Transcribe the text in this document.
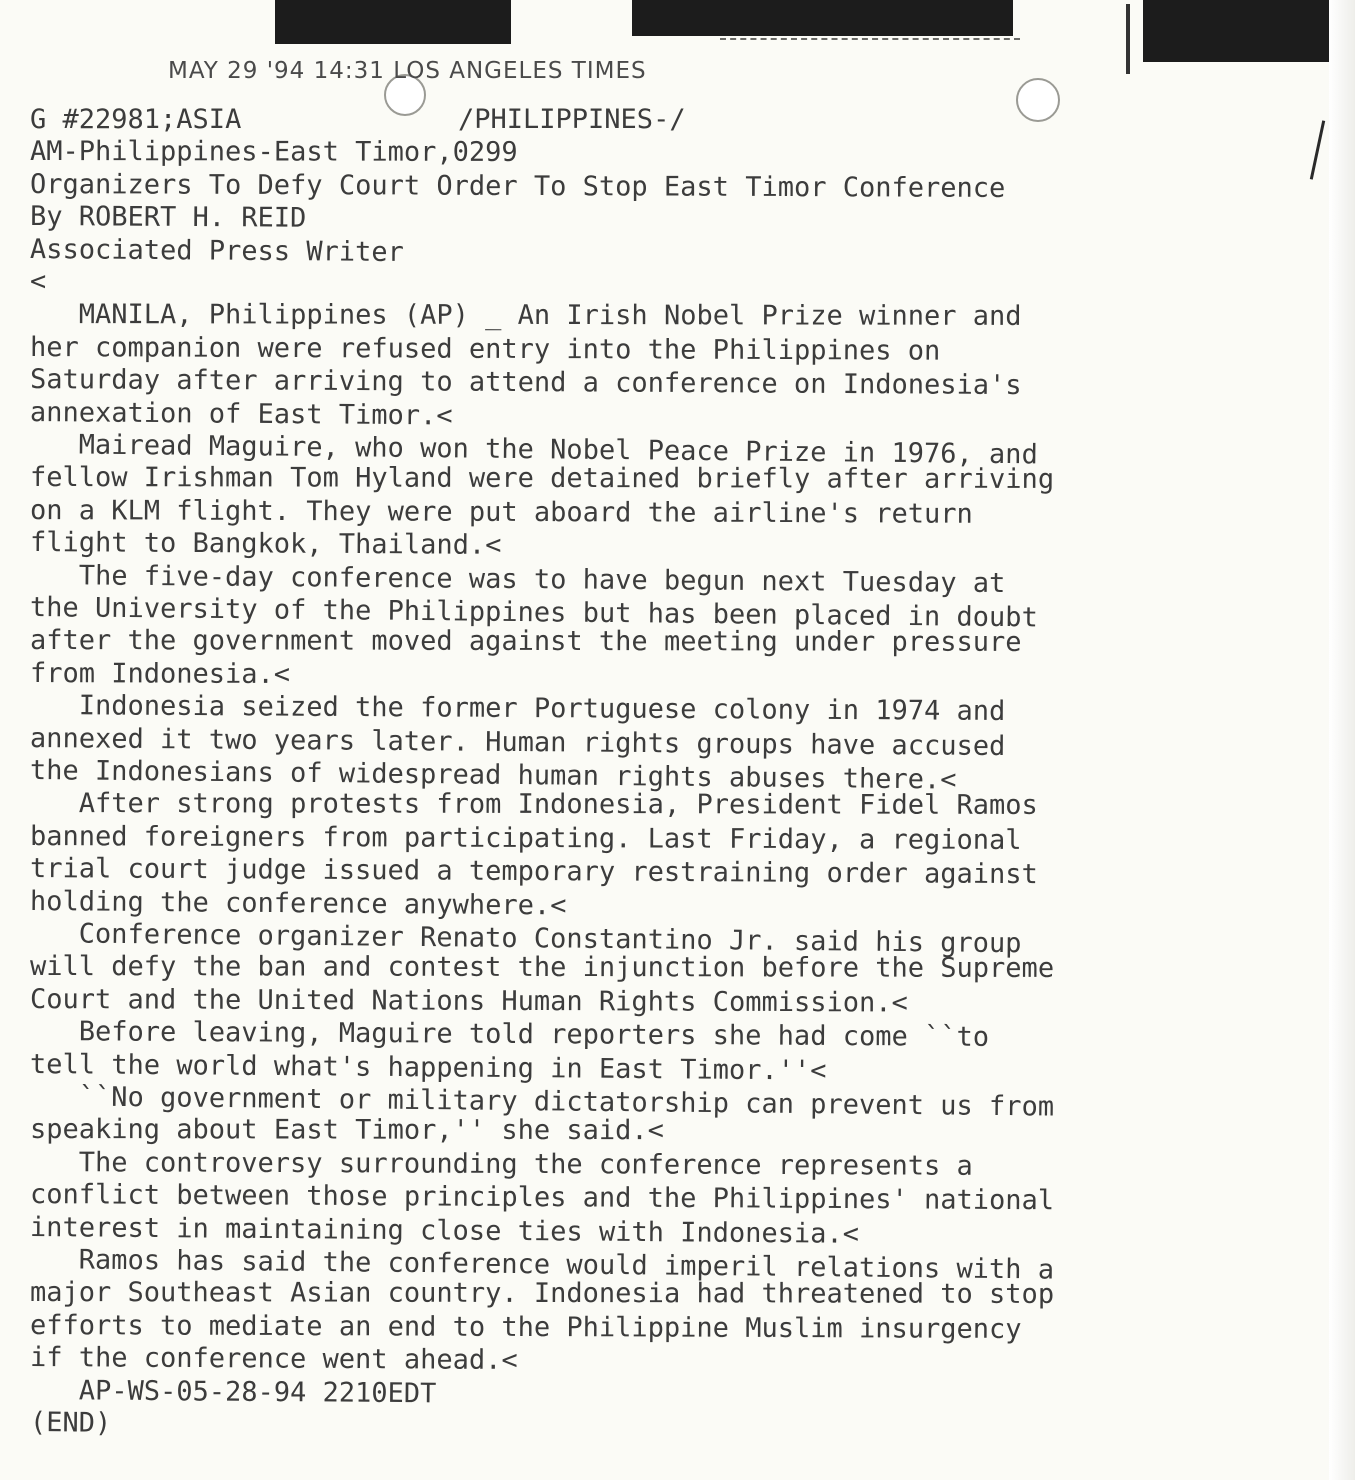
MAY 29 '94 14:31 LOS ANGELES TIMES
G #22981;ASIA	/PHILIPPINES-/
AM-Philippines-East Timor,0299
Organizers To Defy Court Order To Stop East Timor Conference
By ROBERT H. REID
Associated Press Writer
<
MANILA, Philippines (AP) _ An Irish Nobel Prize winner and
her companion were refused entry into the Philippines on
Saturday after arriving to attend a conference on Indonesia's
annexation of East Timor.<
Mairead Maguire, who won the Nobel Peace Prize in 1976, and
fellow Irishman Tom Hyland were detained briefly after arriving
on a KLM flight. They were put aboard the airline's return
flight to Bangkok, Thailand.<
The five-day conference was to have begun next Tuesday at
the University of the Philippines but has been placed in doubt
after the government moved against the meeting under pressure
from Indonesia.<
Indonesia seized the former Portuguese colony in 1974 and
annexed it two years later. Human rights groups have accused
the Indonesians of widespread human rights abuses there.<
After strong protests from Indonesia, President Fidel Ramos
banned foreigners from participating. Last Friday, a regional
trial court judge issued a temporary restraining order against
holding the conference anywhere.<
Conference organizer Renato Constantino Jr. said his group
will defy the ban and contest the injunction before the Supreme
Court and the United Nations Human Rights Commission.<
Before leaving, Maguire told reporters she had come ``to
tell the world what's happening in East Timor.''<
``No government or military dictatorship can prevent us from
speaking about East Timor,'' she said.<
The controversy surrounding the conference represents a
conflict between those principles and the Philippines' national
interest in maintaining close ties with Indonesia.<
Ramos has said the conference would imperil relations with a
major Southeast Asian country. Indonesia had threatened to stop
efforts to mediate an end to the Philippine Muslim insurgency
if the conference went ahead.<
AP-WS-05-28-94 2210EDT
(END)
